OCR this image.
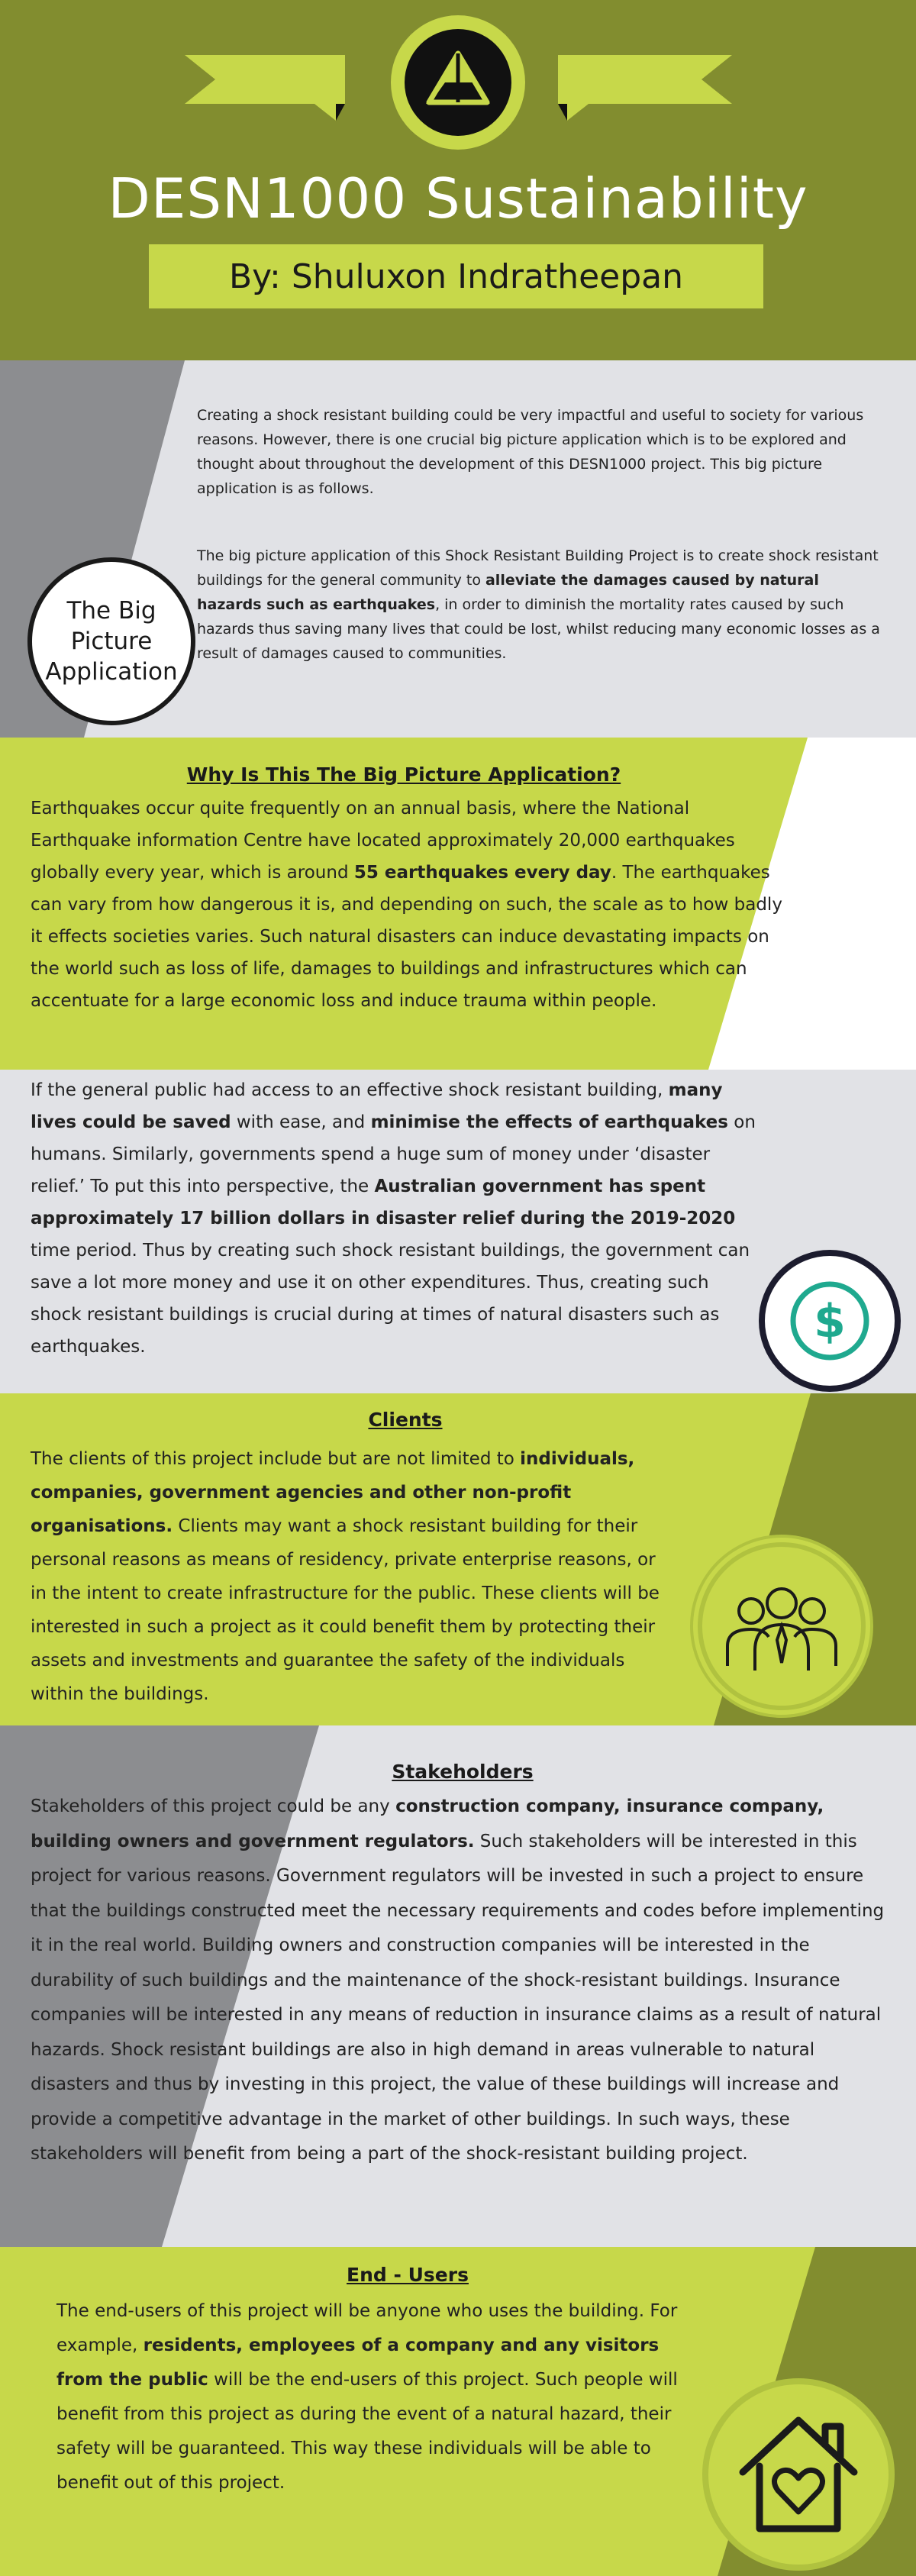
DESN1000 Sustainability
By: Shuluxon Indratheepan
The Big Picture Application

Creating a shock resistant building could be very impactful and useful to society for various reasons. However, there is one crucial big picture application which is to be explored and thought about throughout the development of this DESN1000 project. This big picture application is as follows.

The big picture application of this Shock Resistant Building Project is to create shock resistant buildings for the general community to alleviate the damages caused by natural hazards such as earthquakes, in order to diminish the mortality rates caused by such hazards thus saving many lives that could be lost, whilst reducing many economic losses as a result of damages caused to communities.

Why Is This The Big Picture Application?

Earthquakes occur quite frequently on an annual basis, where the National Earthquake information Centre have located approximately 20,000 earthquakes globally every year, which is around 55 earthquakes every day. The earthquakes can vary from how dangerous it is, and depending on such, the scale as to how badly it effects societies varies. Such natural disasters can induce devastating impacts on the world such as loss of life, damages to buildings and infrastructures which can accentuate for a large economic loss and induce trauma within people.

If the general public had access to an effective shock resistant building, many lives could be saved with ease, and minimise the effects of earthquakes on humans. Similarly, governments spend a huge sum of money under ‘disaster relief.’ To put this into perspective, the Australian government has spent approximately 17 billion dollars in disaster relief during the 2019-2020 time period. Thus by creating such shock resistant buildings, the government can save a lot more money and use it on other expenditures. Thus, creating such shock resistant buildings is crucial during at times of natural disasters such as earthquakes.	$
Clients

The clients of this project include but are not limited to individuals, companies, government agencies and other non-profit organisations. Clients may want a shock resistant building for their personal reasons as means of residency, private enterprise reasons, or in the intent to create infrastructure for the public. These clients will be interested in such a project as it could benefit them by protecting their assets and investments and guarantee the safety of the individuals within the buildings.

Stakeholders

Stakeholders of this project could be any construction company, insurance company, building owners and government regulators. Such stakeholders will be interested in this project for various reasons. Government regulators will be invested in such a project to ensure that the buildings constructed meet the necessary requirements and codes before implementing it in the real world. Building owners and construction companies will be interested in the durability of such buildings and the maintenance of the shock-resistant buildings. Insurance companies will be interested in any means of reduction in insurance claims as a result of natural hazards. Shock resistant buildings are also in high demand in areas vulnerable to natural disasters and thus by investing in this project, the value of these buildings will increase and provide a competitive advantage in the market of other buildings. In such ways, these stakeholders will benefit from being a part of the shock-resistant building project.

End - Users

The end-users of this project will be anyone who uses the building. For example, residents, employees of a company and any visitors from the public will be the end-users of this project. Such people will benefit from this project as during the event of a natural hazard, their safety will be guaranteed. This way these individuals will be able to benefit out of this project.
